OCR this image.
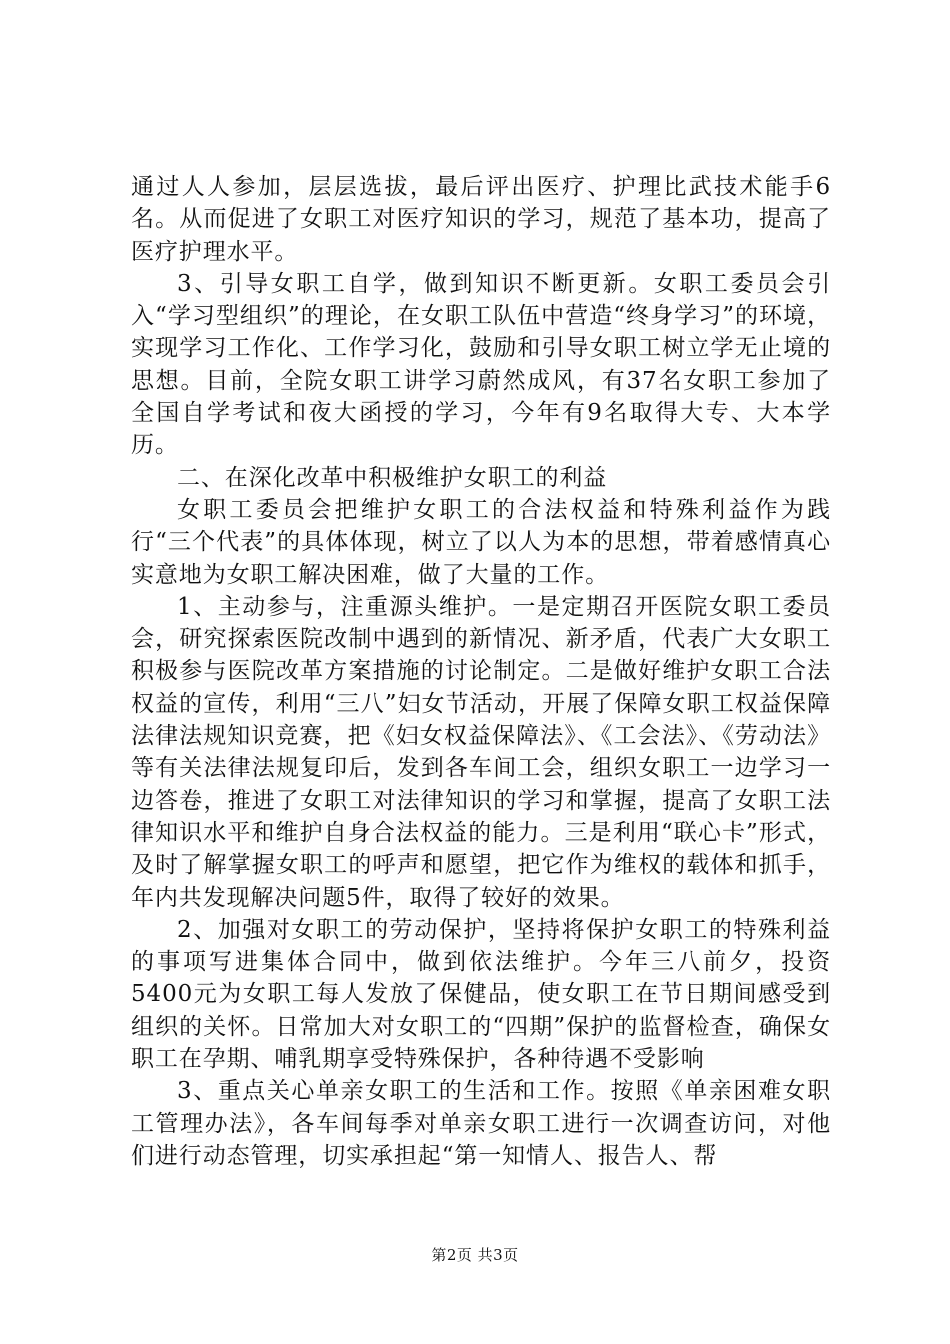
通过人人参加，层层选拔，最后评出医疗、护理比武技术能手6名。从而促进了女职工对医疗知识的学习，规范了基本功，提高了医疗护理水平。

3、引导女职工自学，做到知识不断更新。女职工委员会引入“学习型组织”的理论，在女职工队伍中营造“终身学习”的环境，实现学习工作化、工作学习化，鼓励和引导女职工树立学无止境的思想。目前，全院女职工讲学习蔚然成风，有37名女职工参加了全国自学考试和夜大函授的学习，今年有9名取得大专、大本学历。

二、在深化改革中积极维护女职工的利益

女职工委员会把维护女职工的合法权益和特殊利益作为践行“三个代表”的具体体现，树立了以人为本的思想，带着感情真心实意地为女职工解决困难，做了大量的工作。

1、主动参与，注重源头维护。一是定期召开医院女职工委员会，研究探索医院改制中遇到的新情况、新矛盾，代表广大女职工积极参与医院改革方案措施的讨论制定。二是做好维护女职工合法权益的宣传，利用“三八”妇女节活动，开展了保障女职工权益保障法律法规知识竞赛，把《妇女权益保障法》、《工会法》、《劳动法》等有关法律法规复印后，发到各车间工会，组织女职工一边学习一边答卷，推进了女职工对法律知识的学习和掌握，提高了女职工法律知识水平和维护自身合法权益的能力。三是利用“联心卡”形式，及时了解掌握女职工的呼声和愿望，把它作为维权的载体和抓手，年内共发现解决问题5件，取得了较好的效果。

2、加强对女职工的劳动保护，坚持将保护女职工的特殊利益的事项写进集体合同中，做到依法维护。今年三八前夕，投资5400元为女职工每人发放了保健品，使女职工在节日期间感受到组织的关怀。日常加大对女职工的“四期”保护的监督检查，确保女职工在孕期、哺乳期享受特殊保护，各种待遇不受影响

3、重点关心单亲女职工的生活和工作。按照《单亲困难女职工管理办法》，各车间每季对单亲女职工进行一次调查访问，对他们进行动态管理，切实承担起“第一知情人、报告人、帮

第2页 共3页
